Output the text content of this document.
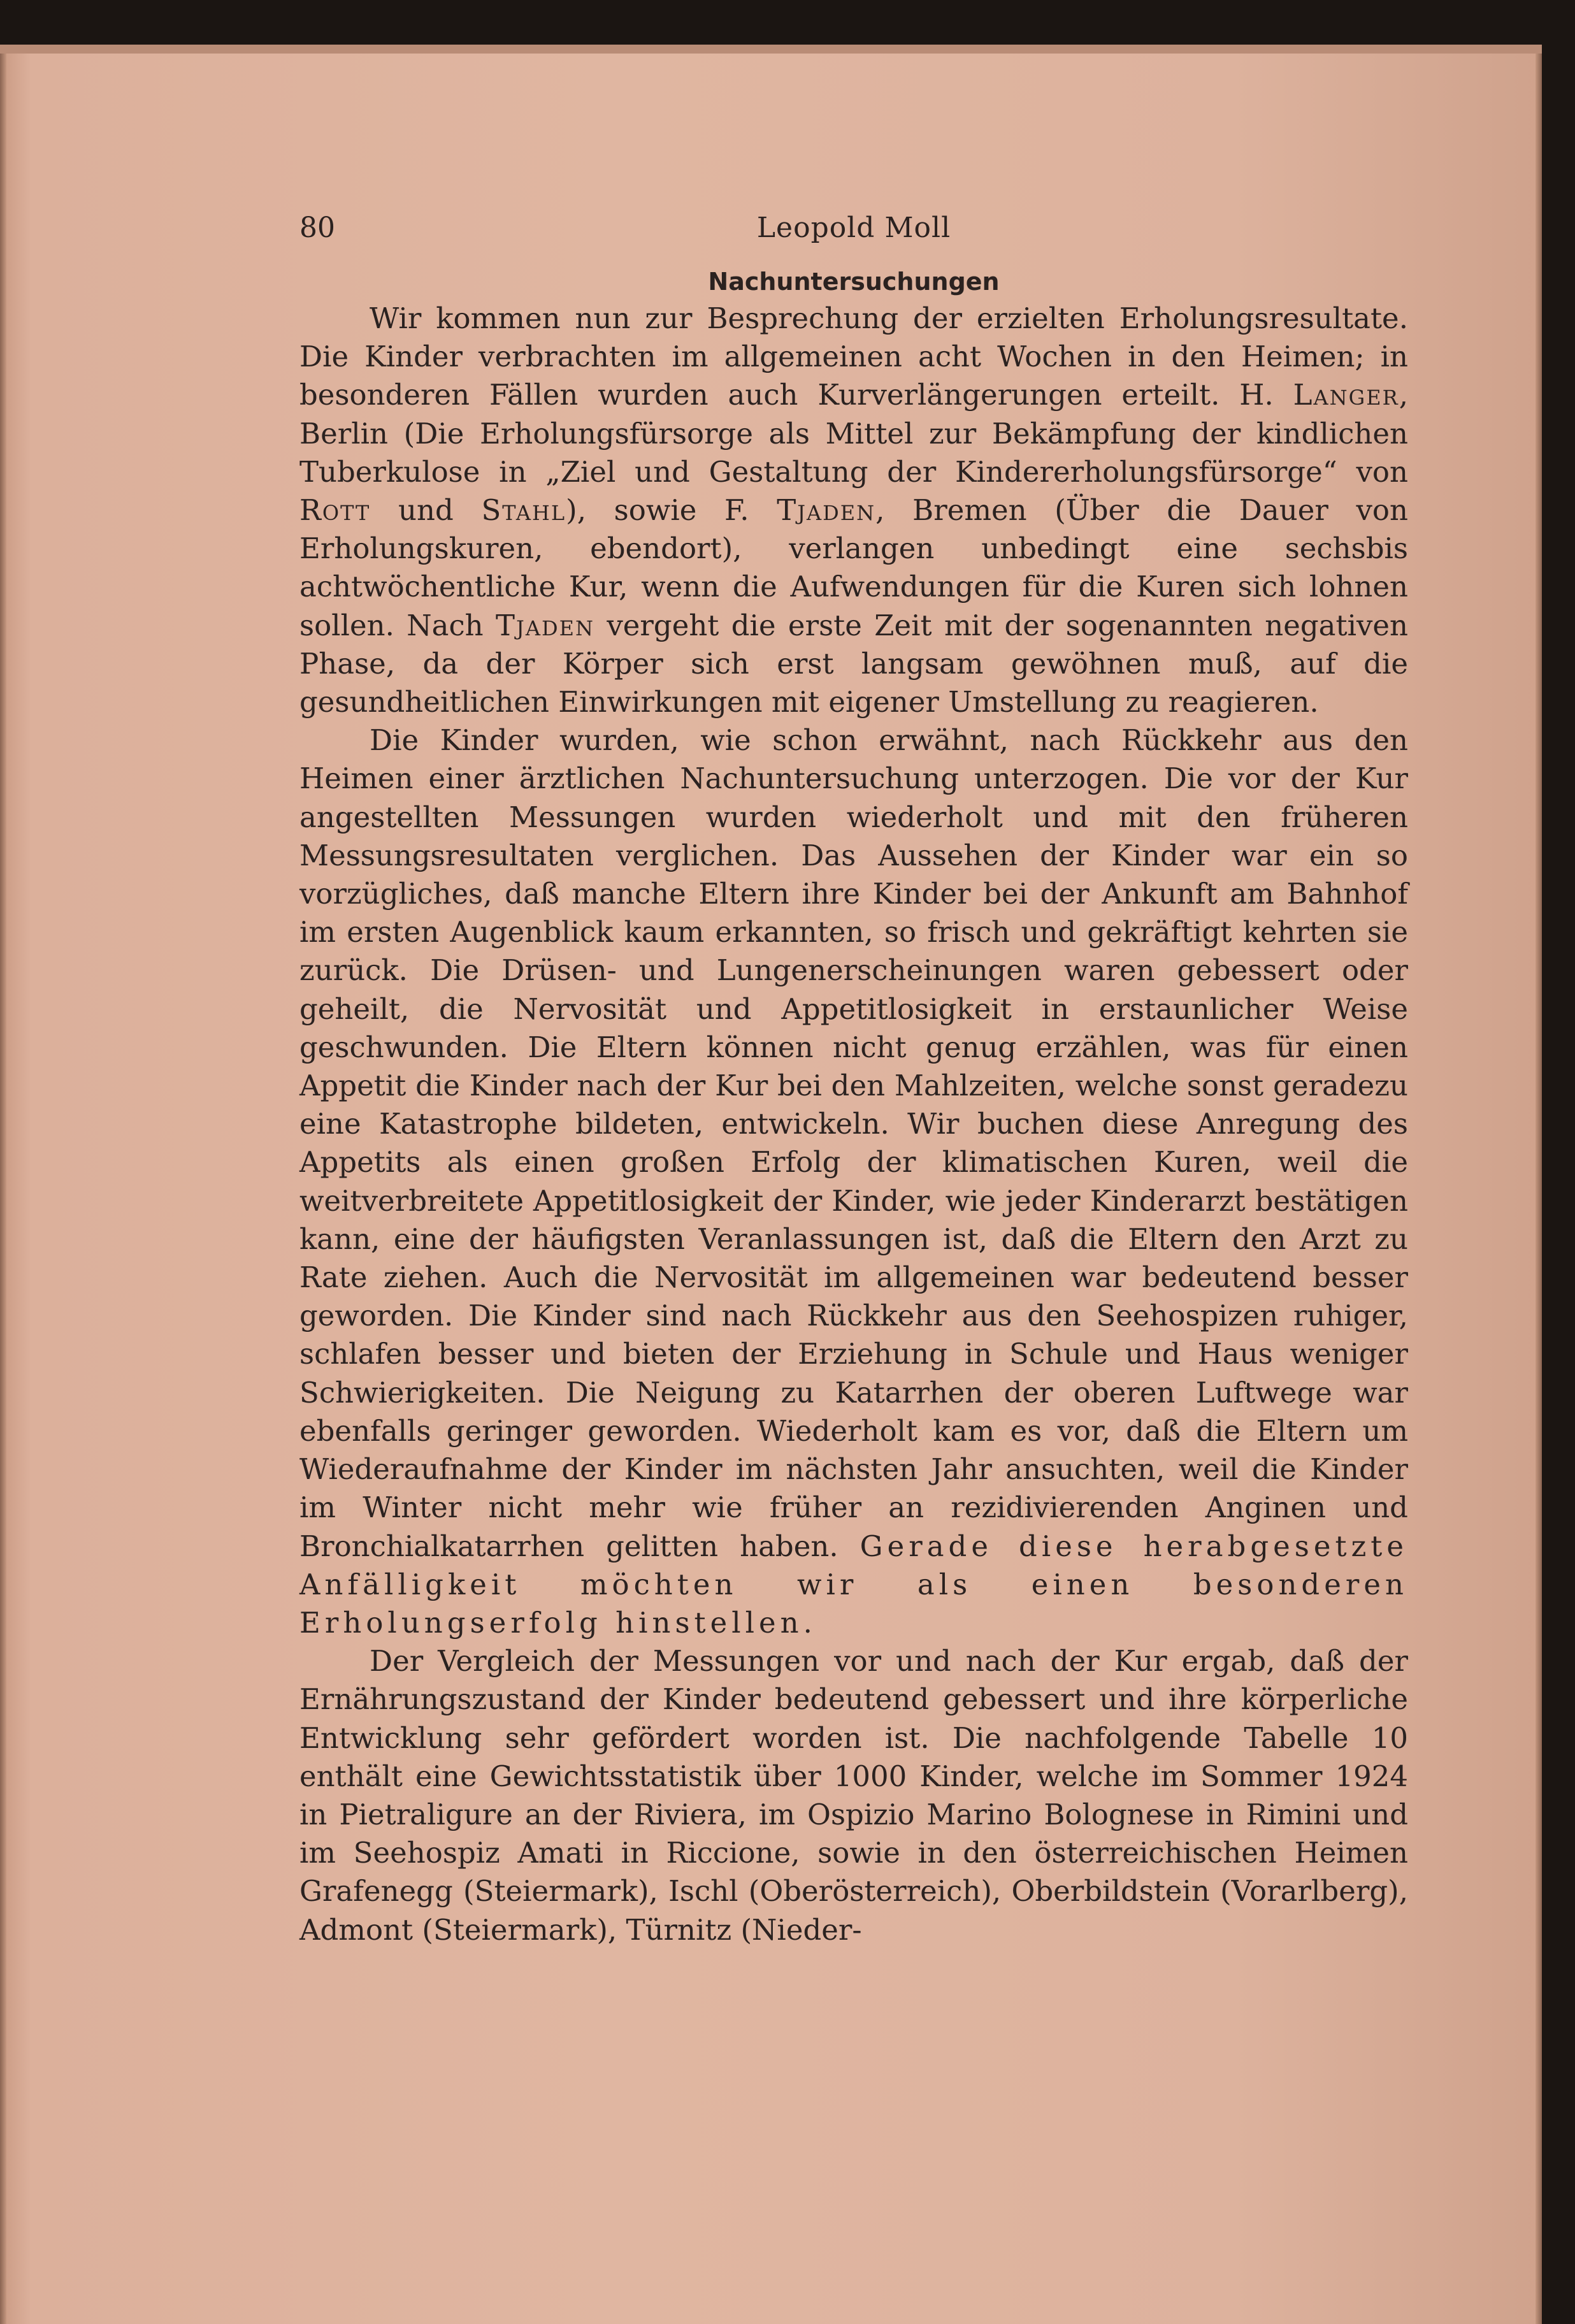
80	Leopold Moll
Nachuntersuchungen

Wir kommen nun zur Besprechung der erzielten Erholungsresultate. Die Kinder verbrachten im allgemeinen acht Wochen in den Heimen; in besonderen Fällen wurden auch Kurverlängerungen erteilt. H. Langer, Berlin (Die Erholungsfürsorge als Mittel zur Bekämpfung der kindlichen Tuberkulose in „Ziel und Gestaltung der Kindererholungsfürsorge“ von Rott und Stahl), sowie F. Tjaden, Bremen (Über die Dauer von Erholungskuren, ebendort), verlangen unbedingt eine sechsbis achtwöchentliche Kur, wenn die Aufwendungen für die Kuren sich lohnen sollen. Nach Tjaden vergeht die erste Zeit mit der sogenannten negativen Phase, da der Körper sich erst langsam gewöhnen muß, auf die gesundheitlichen Einwirkungen mit eigener Umstellung zu reagieren.

Die Kinder wurden, wie schon erwähnt, nach Rückkehr aus den Heimen einer ärztlichen Nachuntersuchung unterzogen. Die vor der Kur angestellten Messungen wurden wiederholt und mit den früheren Messungsresultaten verglichen. Das Aussehen der Kinder war ein so vorzügliches, daß manche Eltern ihre Kinder bei der Ankunft am Bahnhof im ersten Augenblick kaum erkannten, so frisch und gekräftigt kehrten sie zurück. Die Drüsen- und Lungenerscheinungen waren gebessert oder geheilt, die Nervosität und Appetitlosigkeit in erstaunlicher Weise geschwunden. Die Eltern können nicht genug erzählen, was für einen Appetit die Kinder nach der Kur bei den Mahlzeiten, welche sonst geradezu eine Katastrophe bildeten, entwickeln. Wir buchen diese Anregung des Appetits als einen großen Erfolg der klimatischen Kuren, weil die weitverbreitete Appetitlosigkeit der Kinder, wie jeder Kinderarzt bestätigen kann, eine der häufigsten Veranlassungen ist, daß die Eltern den Arzt zu Rate ziehen. Auch die Nervosität im allgemeinen war bedeutend besser geworden. Die Kinder sind nach Rückkehr aus den Seehospizen ruhiger, schlafen besser und bieten der Erziehung in Schule und Haus weniger Schwierigkeiten. Die Neigung zu Katarrhen der oberen Luftwege war ebenfalls geringer geworden. Wiederholt kam es vor, daß die Eltern um Wiederaufnahme der Kinder im nächsten Jahr ansuchten, weil die Kinder im Winter nicht mehr wie früher an rezidivierenden Anginen und Bronchialkatarrhen gelitten haben. Gerade diese herabgesetzte Anfälligkeit möchten wir als einen besonderen Erholungserfolg hinstellen.

Der Vergleich der Messungen vor und nach der Kur ergab, daß der Ernährungszustand der Kinder bedeutend gebessert und ihre körperliche Entwicklung sehr gefördert worden ist. Die nachfolgende Tabelle 10 enthält eine Gewichtsstatistik über 1000 Kinder, welche im Sommer 1924 in Pietraligure an der Riviera, im Ospizio Marino Bolognese in Rimini und im Seehospiz Amati in Riccione, sowie in den österreichischen Heimen Grafenegg (Steiermark), Ischl (Oberösterreich), Oberbildstein (Vorarlberg), Admont (Steiermark), Türnitz (Nieder-
